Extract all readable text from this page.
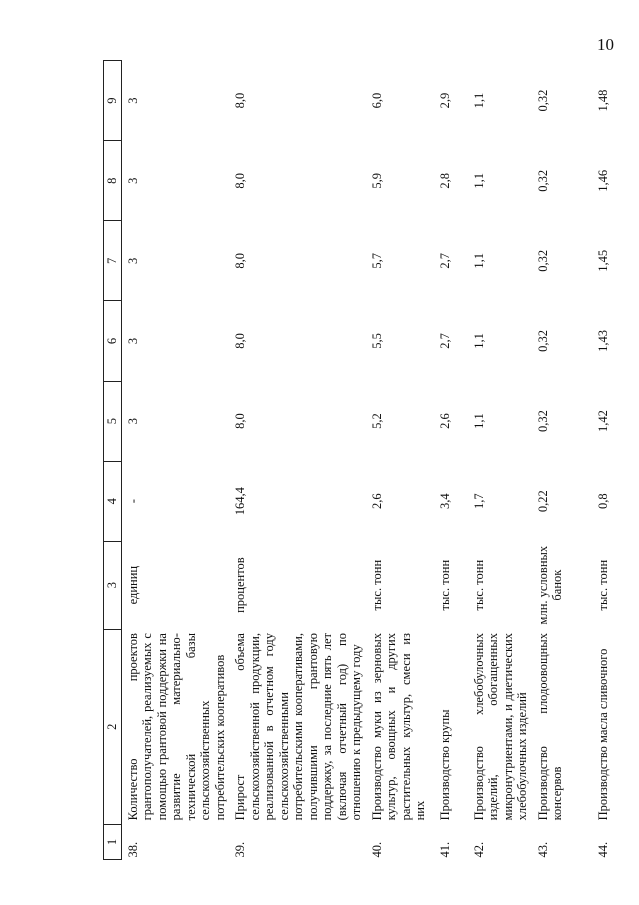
10
1	2	3	4	5	6	7	8	9
38.	Количество проектов грантополучателей, реализуемых с помощью грантовой поддержки на развитие материально-технической базы сельскохозяйственных потребительских кооперативов	единиц	-	3	3	3	3	3
39.	Прирост объема сельскохозяйственной продукции, реализованной в отчетном году сельскохозяйственными потребительскими кооперативами, получившими грантовую поддержку, за последние пять лет (включая отчетный год) по отношению к предыдущему году	процентов	164,4	8,0	8,0	8,0	8,0	8,0
40.	Производство муки из зерновых культур, овощных и других растительных культур, смеси из них	тыс. тонн	2,6	5,2	5,5	5,7	5,9	6,0
41.	Производство крупы	тыс. тонн	3,4	2,6	2,7	2,7	2,8	2,9
42.	Производство хлебобулочных изделий, обогащенных микронутриентами, и диетических хлебобулочных изделий	тыс. тонн	1,7	1,1	1,1	1,1	1,1	1,1
43.	Производство плодоовощных консервов	млн. условных банок	0,22	0,32	0,32	0,32	0,32	0,32
44.	Производство масла сливочного	тыс. тонн	0,8	1,42	1,43	1,45	1,46	1,48
